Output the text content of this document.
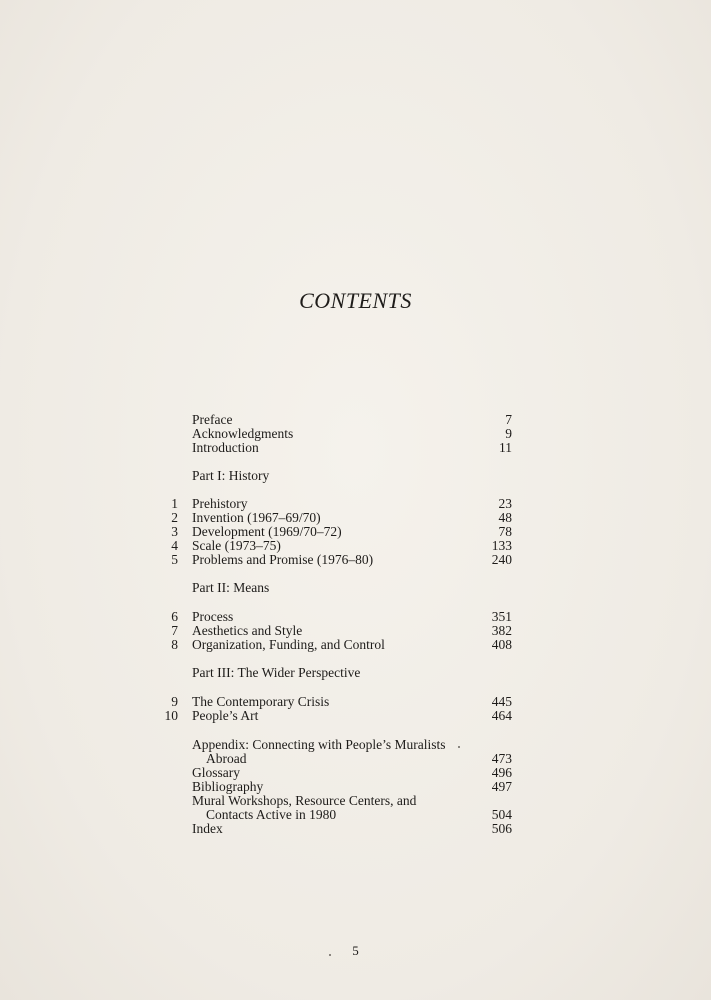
CONTENTS
Preface	7
Acknowledgments	9
Introduction	11
Part I: History
1 Prehistory	23
2 Invention (1967–69/70)	48
3 Development (1969/70–72)	78
4 Scale (1973–75)	133
5 Problems and Promise (1976–80)	240
Part II: Means
6 Process	351
7 Aesthetics and Style	382
8 Organization, Funding, and Control	408
Part III: The Wider Perspective
9 The Contemporary Crisis	445
10 People’s Art	464
Appendix: Connecting with People’s Muralists
Abroad	473
Glossary	496
Bibliography	497
Mural Workshops, Resource Centers, and
Contacts Active in 1980	504
Index	506
5
